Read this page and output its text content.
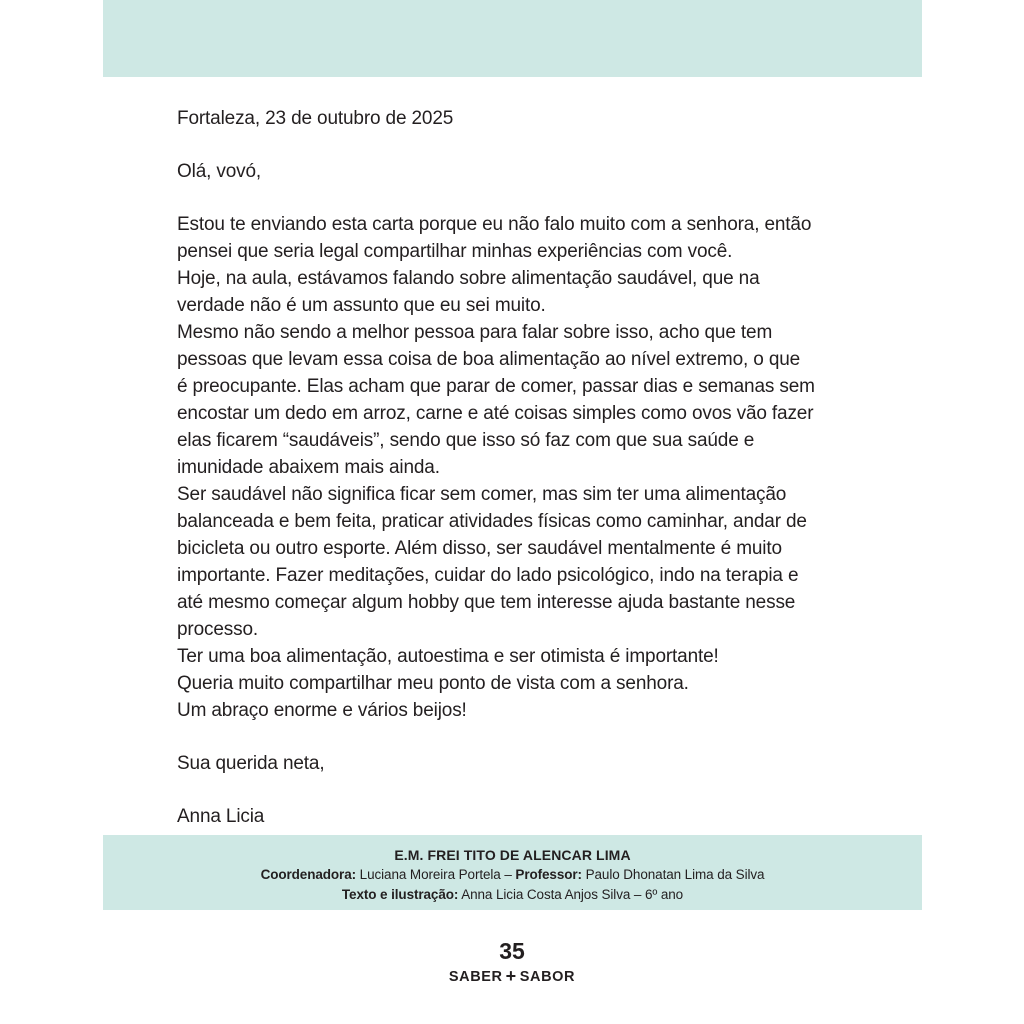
Fortaleza, 23 de outubro de 2025
Olá, vovó,
Estou te enviando esta carta porque eu não falo muito com a senhora, então
pensei que seria legal compartilhar minhas experiências com você.
Hoje, na aula, estávamos falando sobre alimentação saudável, que na
verdade não é um assunto que eu sei muito.
Mesmo não sendo a melhor pessoa para falar sobre isso, acho que tem
pessoas que levam essa coisa de boa alimentação ao nível extremo, o que
é preocupante. Elas acham que parar de comer, passar dias e semanas sem
encostar um dedo em arroz, carne e até coisas simples como ovos vão fazer
elas ficarem “saudáveis”, sendo que isso só faz com que sua saúde e
imunidade abaixem mais ainda.
Ser saudável não significa ficar sem comer, mas sim ter uma alimentação
balanceada e bem feita, praticar atividades físicas como caminhar, andar de
bicicleta ou outro esporte. Além disso, ser saudável mentalmente é muito
importante. Fazer meditações, cuidar do lado psicológico, indo na terapia e
até mesmo começar algum hobby que tem interesse ajuda bastante nesse
processo.
Ter uma boa alimentação, autoestima e ser otimista é importante!
Queria muito compartilhar meu ponto de vista com a senhora.
Um abraço enorme e vários beijos!
Sua querida neta,
Anna Licia
E.M. FREI TITO DE ALENCAR LIMA
Coordenadora: Luciana Moreira Portela – Professor: Paulo Dhonatan Lima da Silva
Texto e ilustração: Anna Licia Costa Anjos Silva – 6º ano
35
SABER + SABOR
